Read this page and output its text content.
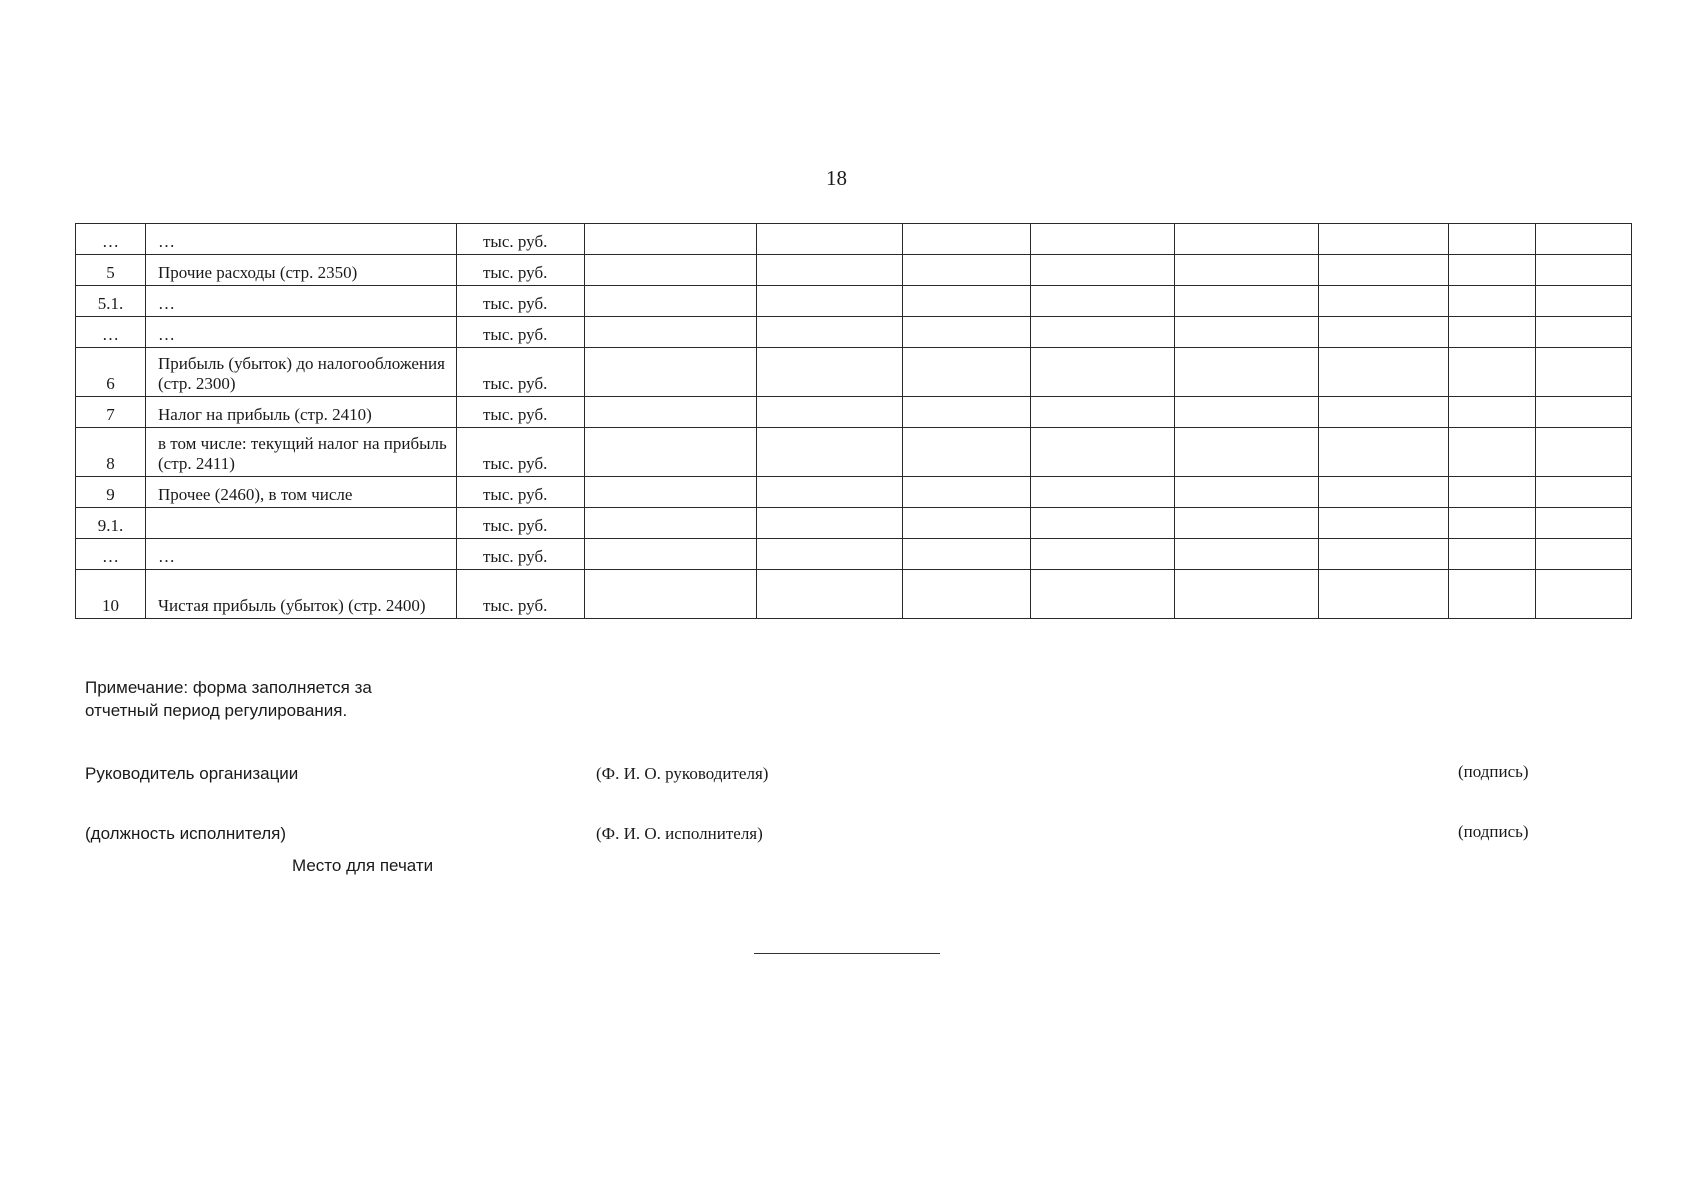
18
…	…	тыс. руб.								
5	Прочие расходы (стр. 2350)	тыс. руб.								
5.1.	…	тыс. руб.								
…	…	тыс. руб.								
6	Прибыль (убыток) до налогообложения (стр. 2300)	тыс. руб.								
7	Налог на прибыль (стр. 2410)	тыс. руб.								
8	в том числе: текущий налог на прибыль (стр. 2411)	тыс. руб.								
9	Прочее (2460), в том числе	тыс. руб.								
9.1.		тыс. руб.								
…	…	тыс. руб.								
10	Чистая прибыль (убыток) (стр. 2400)	тыс. руб.								
Примечание: форма заполняется за отчетный период регулирования.
Руководитель организации	(Ф. И. О. руководителя)	(подпись)
(должность исполнителя)	(Ф. И. О. исполнителя)	(подпись)
Место для печати
